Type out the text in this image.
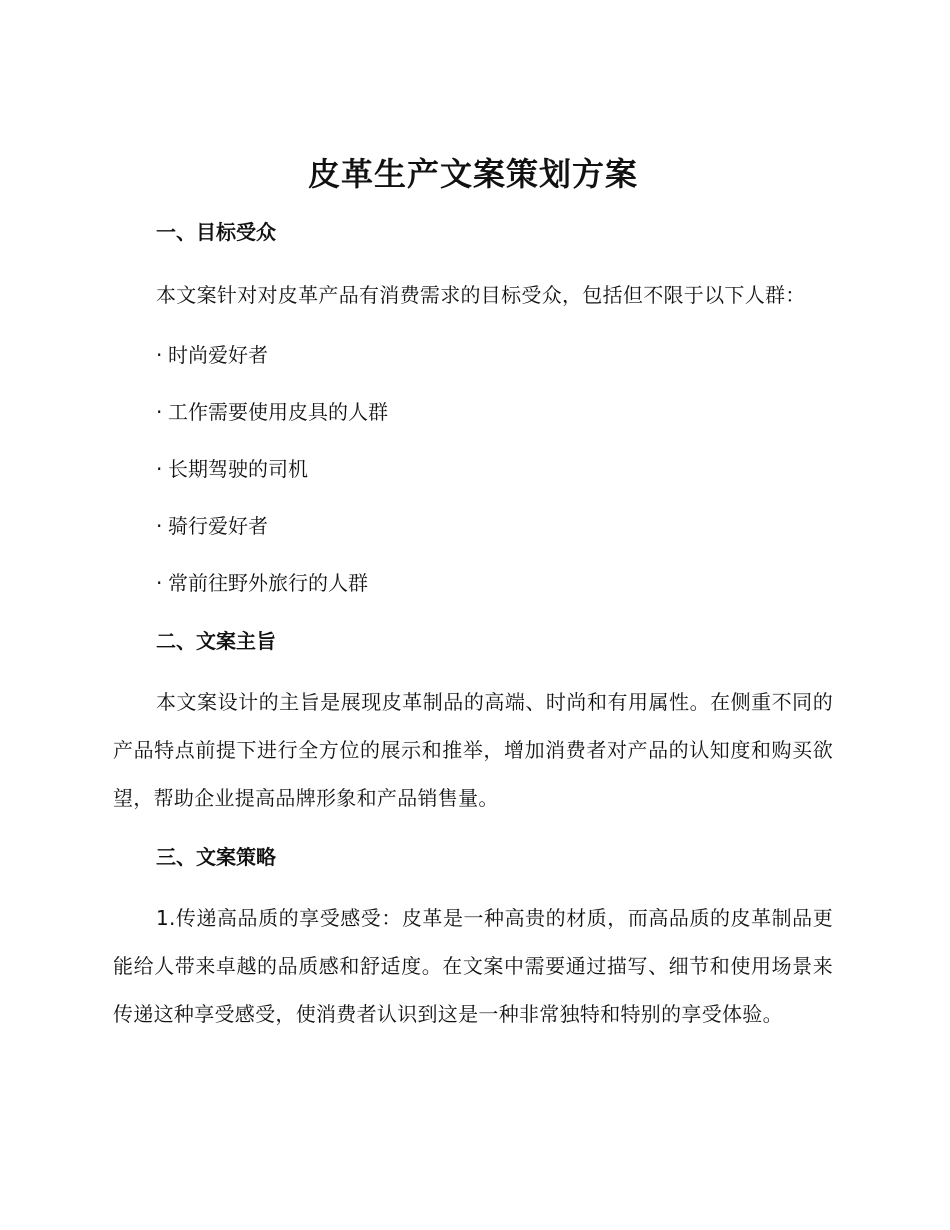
皮革生产文案策划方案
一、目标受众

本文案针对对皮革产品有消费需求的目标受众，包括但不限于以下人群：

· 时尚爱好者
· 工作需要使用皮具的人群
· 长期驾驶的司机
· 骑行爱好者
· 常前往野外旅行的人群
二、文案主旨

本文案设计的主旨是展现皮革制品的高端、时尚和有用属性。在侧重不同的产品特点前提下进行全方位的展示和推举，增加消费者对产品的认知度和购买欲望，帮助企业提高品牌形象和产品销售量。

三、文案策略

1.传递高品质的享受感受：皮革是一种高贵的材质，而高品质的皮革制品更能给人带来卓越的品质感和舒适度。在文案中需要通过描写、细节和使用场景来传递这种享受感受，使消费者认识到这是一种非常独特和特别的享受体验。
